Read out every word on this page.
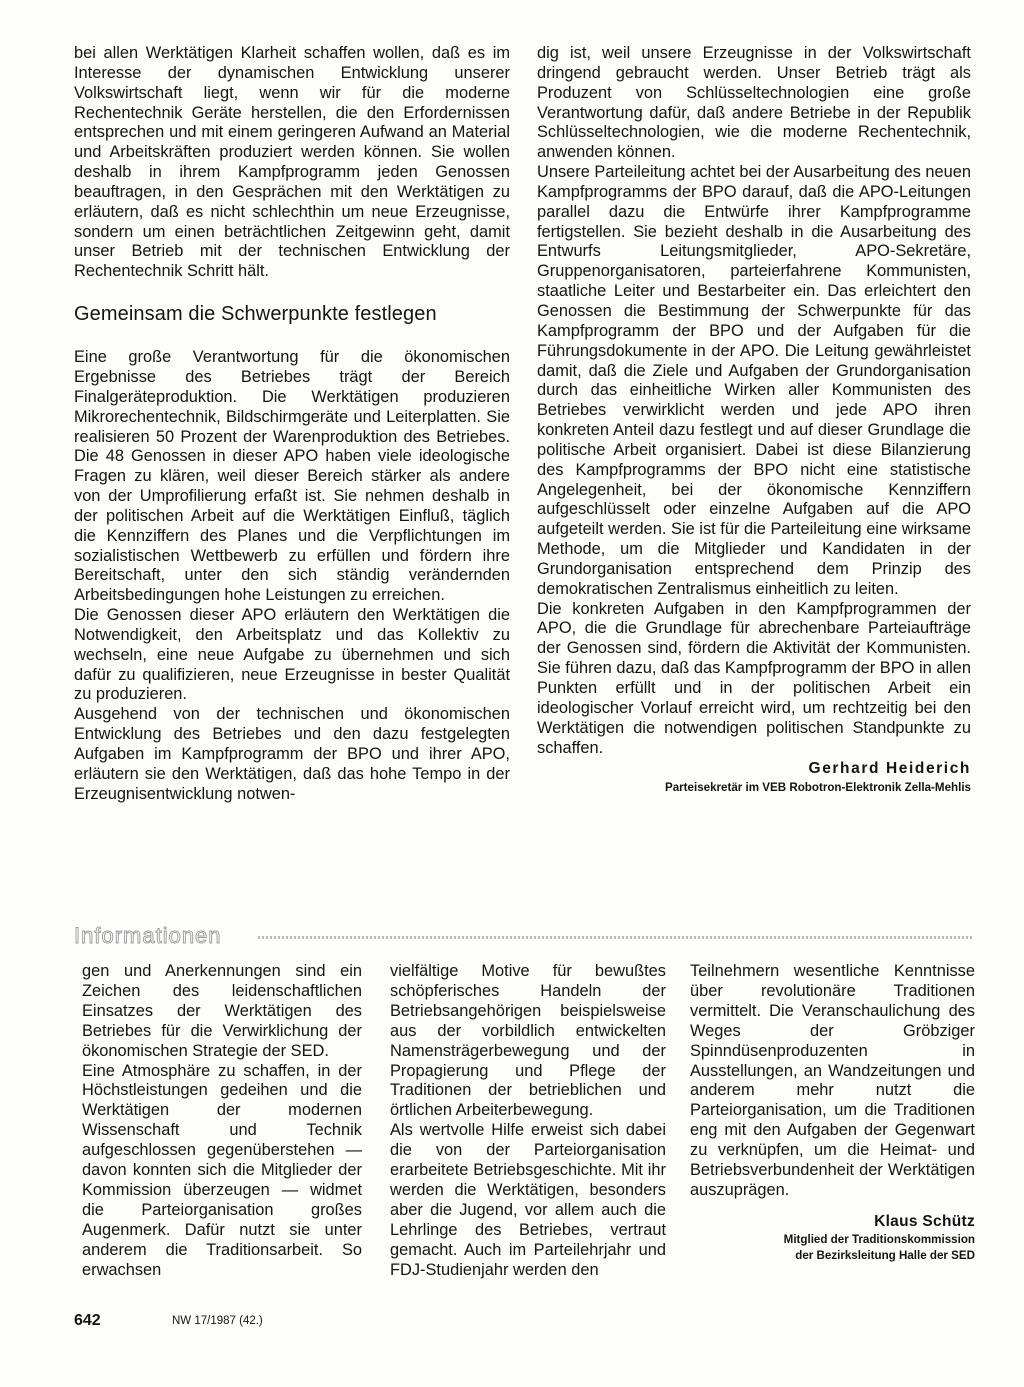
bei allen Werktätigen Klarheit schaffen wollen, daß es im Interesse der dynamischen Entwicklung unserer Volkswirtschaft liegt, wenn wir für die moderne Rechentechnik Geräte herstellen, die den Erfordernissen entsprechen und mit einem geringeren Aufwand an Material und Arbeitskräften produziert werden können. Sie wollen deshalb in ihrem Kampfprogramm jeden Genossen beauftragen, in den Gesprächen mit den Werktätigen zu erläutern, daß es nicht schlechthin um neue Erzeugnisse, sondern um einen beträchtlichen Zeitgewinn geht, damit unser Betrieb mit der technischen Entwicklung der Rechentechnik Schritt hält.

Gemeinsam die Schwerpunkte festlegen

Eine große Verantwortung für die ökonomischen Ergebnisse des Betriebes trägt der Bereich Finalgeräteproduktion. Die Werktätigen produzieren Mikrorechentechnik, Bildschirmgeräte und Leiterplatten. Sie realisieren 50 Prozent der Warenproduktion des Betriebes. Die 48 Genossen in dieser APO haben viele ideologische Fragen zu klären, weil dieser Bereich stärker als andere von der Umprofilierung erfaßt ist. Sie nehmen deshalb in der politischen Arbeit auf die Werktätigen Einfluß, täglich die Kennziffern des Planes und die Verpflichtungen im sozialistischen Wettbewerb zu erfüllen und fördern ihre Bereitschaft, unter den sich ständig verändernden Arbeitsbedingungen hohe Leistungen zu erreichen.

Die Genossen dieser APO erläutern den Werktätigen die Notwendigkeit, den Arbeitsplatz und das Kollektiv zu wechseln, eine neue Aufgabe zu übernehmen und sich dafür zu qualifizieren, neue Erzeugnisse in bester Qualität zu produzieren.

Ausgehend von der technischen und ökonomischen Entwicklung des Betriebes und den dazu festgelegten Aufgaben im Kampfprogramm der BPO und ihrer APO, erläutern sie den Werktätigen, daß das hohe Tempo in der Erzeugnisentwicklung notwen-

dig ist, weil unsere Erzeugnisse in der Volkswirtschaft dringend gebraucht werden. Unser Betrieb trägt als Produzent von Schlüsseltechnologien eine große Verantwortung dafür, daß andere Betriebe in der Republik Schlüsseltechnologien, wie die moderne Rechentechnik, anwenden können.

Unsere Parteileitung achtet bei der Ausarbeitung des neuen Kampfprogramms der BPO darauf, daß die APO-Leitungen parallel dazu die Entwürfe ihrer Kampfprogramme fertigstellen. Sie bezieht deshalb in die Ausarbeitung des Entwurfs Leitungsmitglieder, APO-Sekretäre, Gruppenorganisatoren, parteierfahrene Kommunisten, staatliche Leiter und Bestarbeiter ein. Das erleichtert den Genossen die Bestimmung der Schwerpunkte für das Kampfprogramm der BPO und der Aufgaben für die Führungsdokumente in der APO. Die Leitung gewährleistet damit, daß die Ziele und Aufgaben der Grundorganisation durch das einheitliche Wirken aller Kommunisten des Betriebes verwirklicht werden und jede APO ihren konkreten Anteil dazu festlegt und auf dieser Grundlage die politische Arbeit organisiert. Dabei ist diese Bilanzierung des Kampfprogramms der BPO nicht eine statistische Angelegenheit, bei der ökonomische Kennziffern aufgeschlüsselt oder einzelne Aufgaben auf die APO aufgeteilt werden. Sie ist für die Parteileitung eine wirksame Methode, um die Mitglieder und Kandidaten in der Grundorganisation entsprechend dem Prinzip des demokratischen Zentralismus einheitlich zu leiten.

Die konkreten Aufgaben in den Kampfprogrammen der APO, die die Grundlage für abrechenbare Parteiaufträge der Genossen sind, fördern die Aktivität der Kommunisten. Sie führen dazu, daß das Kampfprogramm der BPO in allen Punkten erfüllt und in der politischen Arbeit ein ideologischer Vorlauf erreicht wird, um rechtzeitig bei den Werktätigen die notwendigen politischen Standpunkte zu schaffen.

Gerhard Heiderich
Parteisekretär im VEB Robotron-Elektronik Zella-Mehlis
Informationen

gen und Anerkennungen sind ein Zeichen des leidenschaftlichen Einsatzes der Werktätigen des Betriebes für die Verwirklichung der ökonomischen Strategie der SED.

Eine Atmosphäre zu schaffen, in der Höchstleistungen gedeihen und die Werktätigen der modernen Wissenschaft und Technik aufgeschlossen gegenüberstehen — davon konnten sich die Mitglieder der Kommission überzeugen — widmet die Parteiorganisation großes Augenmerk. Dafür nutzt sie unter anderem die Traditionsarbeit. So erwachsen

vielfältige Motive für bewußtes schöpferisches Handeln der Betriebsangehörigen beispielsweise aus der vorbildlich entwickelten Namensträgerbewegung und der Propagierung und Pflege der Traditionen der betrieblichen und örtlichen Arbeiterbewegung.

Als wertvolle Hilfe erweist sich dabei die von der Parteiorganisation erarbeitete Betriebsgeschichte. Mit ihr werden die Werktätigen, besonders aber die Jugend, vor allem auch die Lehrlinge des Betriebes, vertraut gemacht. Auch im Parteilehrjahr und FDJ-Studienjahr werden den

Teilnehmern wesentliche Kenntnisse über revolutionäre Traditionen vermittelt. Die Veranschaulichung des Weges der Gröbziger Spinndüsenproduzenten in Ausstellungen, an Wandzeitungen und anderem mehr nutzt die Parteiorganisation, um die Traditionen eng mit den Aufgaben der Gegenwart zu verknüpfen, um die Heimat- und Betriebsverbundenheit der Werktätigen auszuprägen.

Klaus Schütz
Mitglied der Traditionskommission
der Bezirksleitung Halle der SED
642	NW 17/1987 (42.)
